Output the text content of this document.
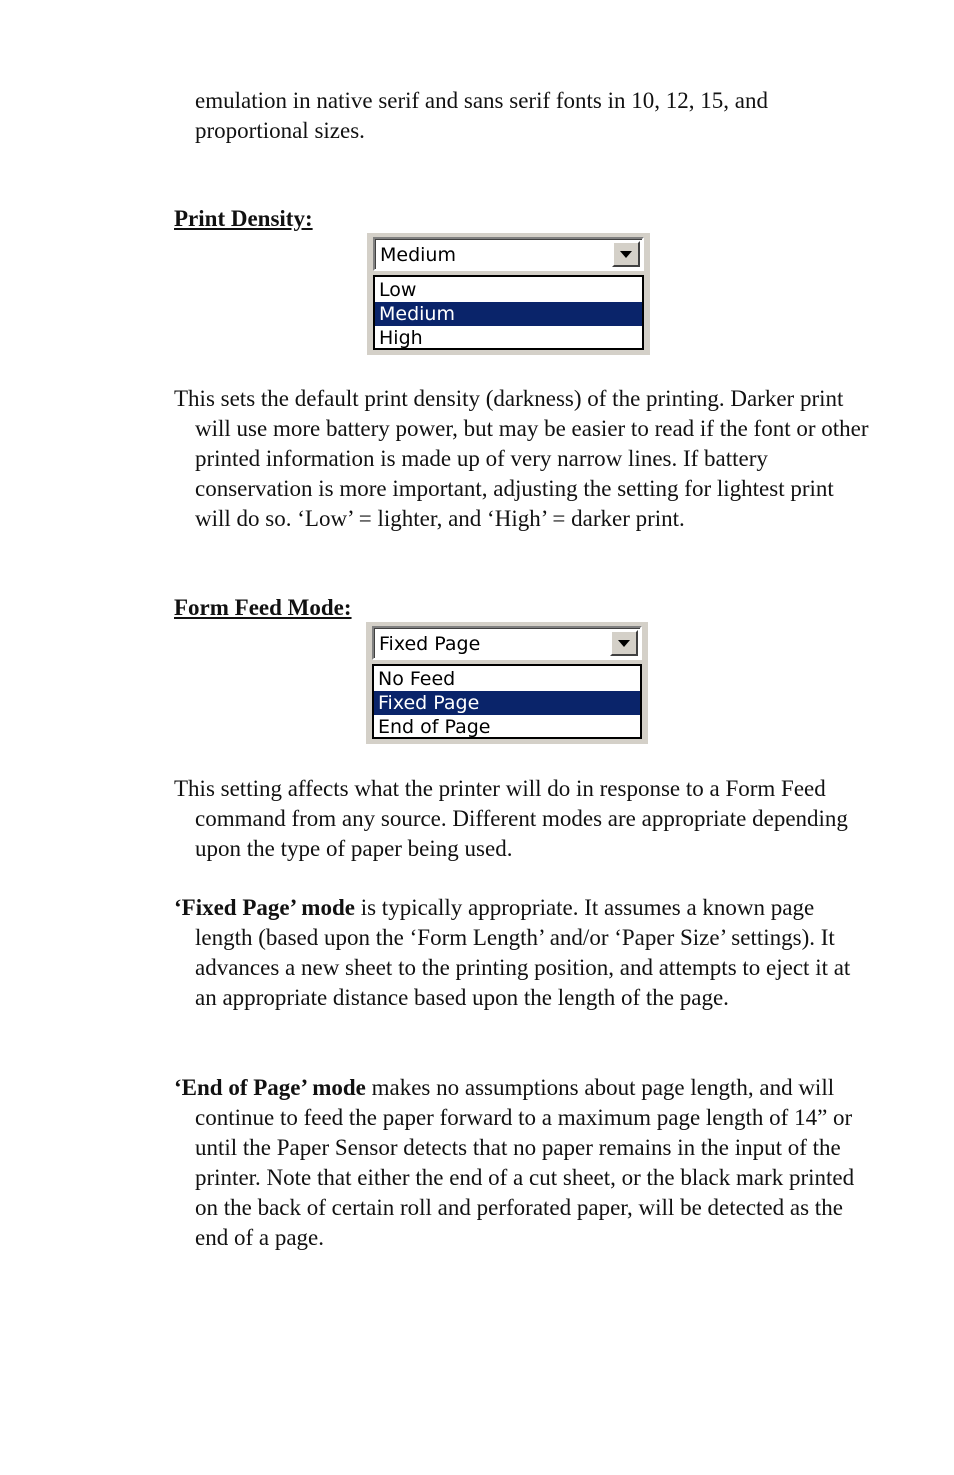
emulation in native serif and sans serif fonts in 10, 12, 15, and proportional sizes.

Print Density:

Medium
Low
Medium
High

This sets the default print density (darkness) of the printing. Darker print will use more battery power, but may be easier to read if the font or other printed information is made up of very narrow lines. If battery conservation is more important, adjusting the setting for lightest print will do so. ‘Low’ = lighter, and ‘High’ = darker print.

Form Feed Mode:

Fixed Page
No Feed
Fixed Page
End of Page

This setting affects what the printer will do in response to a Form Feed command from any source. Different modes are appropriate depending upon the type of paper being used.

‘Fixed Page’ mode is typically appropriate. It assumes a known page length (based upon the ‘Form Length’ and/or ‘Paper Size’ settings). It advances a new sheet to the printing position, and attempts to eject it at an appropriate distance based upon the length of the page.

‘End of Page’ mode makes no assumptions about page length, and will continue to feed the paper forward to a maximum page length of 14” or until the Paper Sensor detects that no paper remains in the input of the printer. Note that either the end of a cut sheet, or the black mark printed on the back of certain roll and perforated paper, will be detected as the end of a page.
